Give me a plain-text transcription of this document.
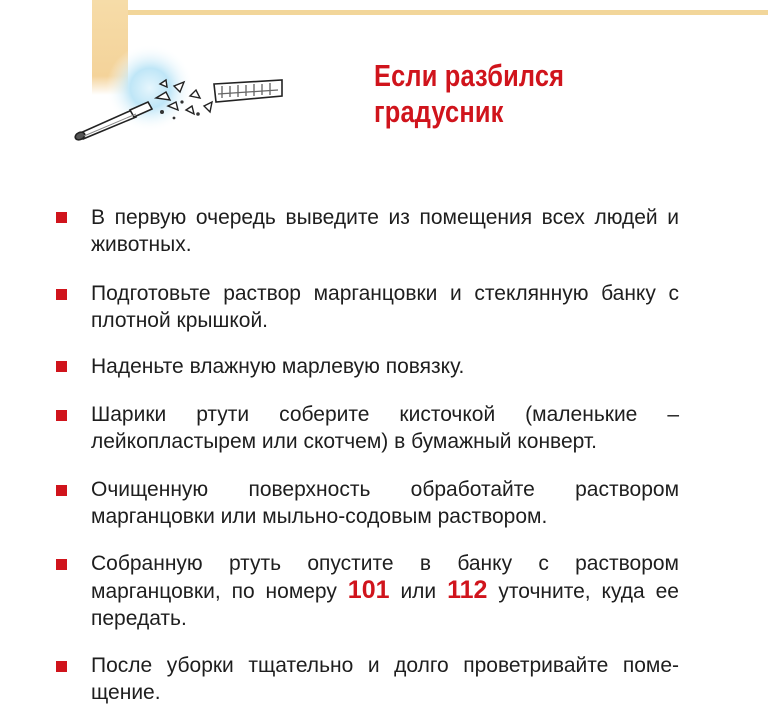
Если разбился
градусник
В первую очередь выведите из помещения всех людей и животных.
Подготовьте раствор марганцовки и стеклянную банку с плотной крышкой.
Наденьте влажную марлевую повязку.
Шарики ртути соберите кисточкой (маленькие – лейкопластырем или скотчем) в бумажный конверт.
Очищенную поверхность обработайте раствором марганцовки или мыльно-содовым раствором.
Собранную ртуть опустите в банку с раствором марганцовки, по номеру 101 или 112 уточните, куда ее передать.
После уборки тщательно и долго проветривайте поме-щение.
